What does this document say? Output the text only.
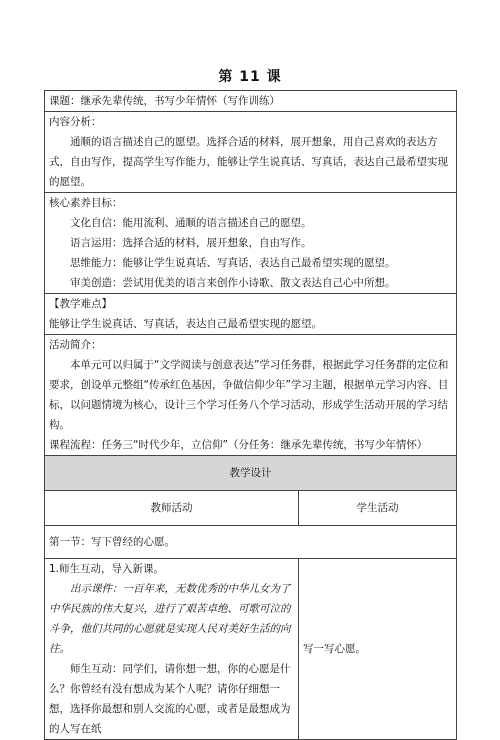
第 11 课
课题：继承先辈传统，书写少年情怀（写作训练）	

内容分析：

通顺的语言描述自己的愿望。选择合适的材料，展开想象，用自己喜欢的表达方式，自由写作，提高学生写作能力，能够让学生说真话、写真话，表达自己最希望实现的愿望。	

核心素养目标：

文化自信：能用流利、通顺的语言描述自己的愿望。

语言运用：选择合适的材料，展开想象，自由写作。

思维能力：能够让学生说真话、写真话，表达自己最希望实现的愿望。

审美创造：尝试用优美的语言来创作小诗歌、散文表达自己心中所想。	

【教学难点】

能够让学生说真话、写真话，表达自己最希望实现的愿望。	

活动简介：

本单元可以归属于“文学阅读与创意表达”学习任务群，根据此学习任务群的定位和要求，创设单元整组“传承红色基因，争做信仰少年”学习主题，根据单元学习内容、目标，以问题情境为核心，设计三个学习任务八个学习活动，形成学生活动开展的学习结构。

课程流程：任务三“时代少年，立信仰”（分任务：继承先辈传统，书写少年情怀）	

教学设计	
教师活动	学生活动
第一节：写下曾经的心愿。	

1.师生互动，导入新课。

出示课件：一百年来，无数优秀的中华儿女为了中华民族的伟大复兴，进行了艰苦卓绝、可歌可泣的斗争，他们共同的心愿就是实现人民对美好生活的向往。

师生互动：同学们，请你想一想，你的心愿是什么？你曾经有没有想成为某个人呢？请你仔细想一想，选择你最想和别人交流的心愿，或者是最想成为的人写在纸	写一写心愿。
